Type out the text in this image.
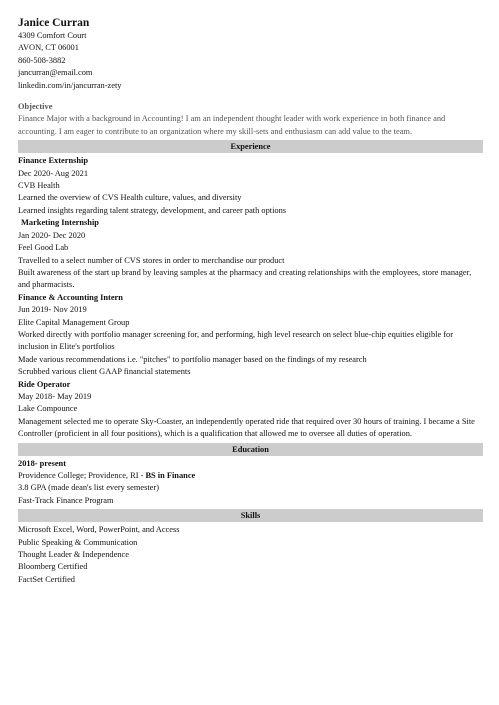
Janice Curran
4309 Comfort Court
AVON, CT 06001
860-508-3882
jancurran@email.com
linkedin.com/in/jancurran-zety
Objective
Finance Major with a background in Accounting! I am an independent thought leader with work experience in both finance and accounting. I am eager to contribute to an organization where my skill-sets and enthusiasm can add value to the team.
Experience
Finance Externship
Dec 2020- Aug 2021
CVB Health
Learned the overview of CVS Health culture, values, and diversity
Learned insights regarding talent strategy, development, and career path options
Marketing Internship
Jan 2020- Dec 2020
Feel Good Lab
Travelled to a select number of CVS stores in order to merchandise our product
Built awareness of the start up brand by leaving samples at the pharmacy and creating relationships with the employees, store manager, and pharmacists.
Finance & Accounting Intern
Jun 2019- Nov 2019
Elite Capital Management Group
Worked directly with portfolio manager screening for, and performing, high level research on select blue-chip equities eligible for inclusion in Elite's portfolios
Made various recommendations i.e. "pitches" to portfolio manager based on the findings of my research
Scrubbed various client GAAP financial statements
Ride Operator
May 2018- May 2019
Lake Compounce
Management selected me to operate Sky-Coaster, an independently operated ride that required over 30 hours of training. I became a Site Controller (proficient in all four positions), which is a qualification that allowed me to oversee all duties of operation.
Education
2018- present
Providence College; Providence, RI - BS in Finance
3.8 GPA (made dean's list every semester)
Fast-Track Finance Program
Skills
Microsoft Excel, Word, PowerPoint, and Access
Public Speaking & Communication
Thought Leader & Independence
Bloomberg Certified
FactSet Certified
